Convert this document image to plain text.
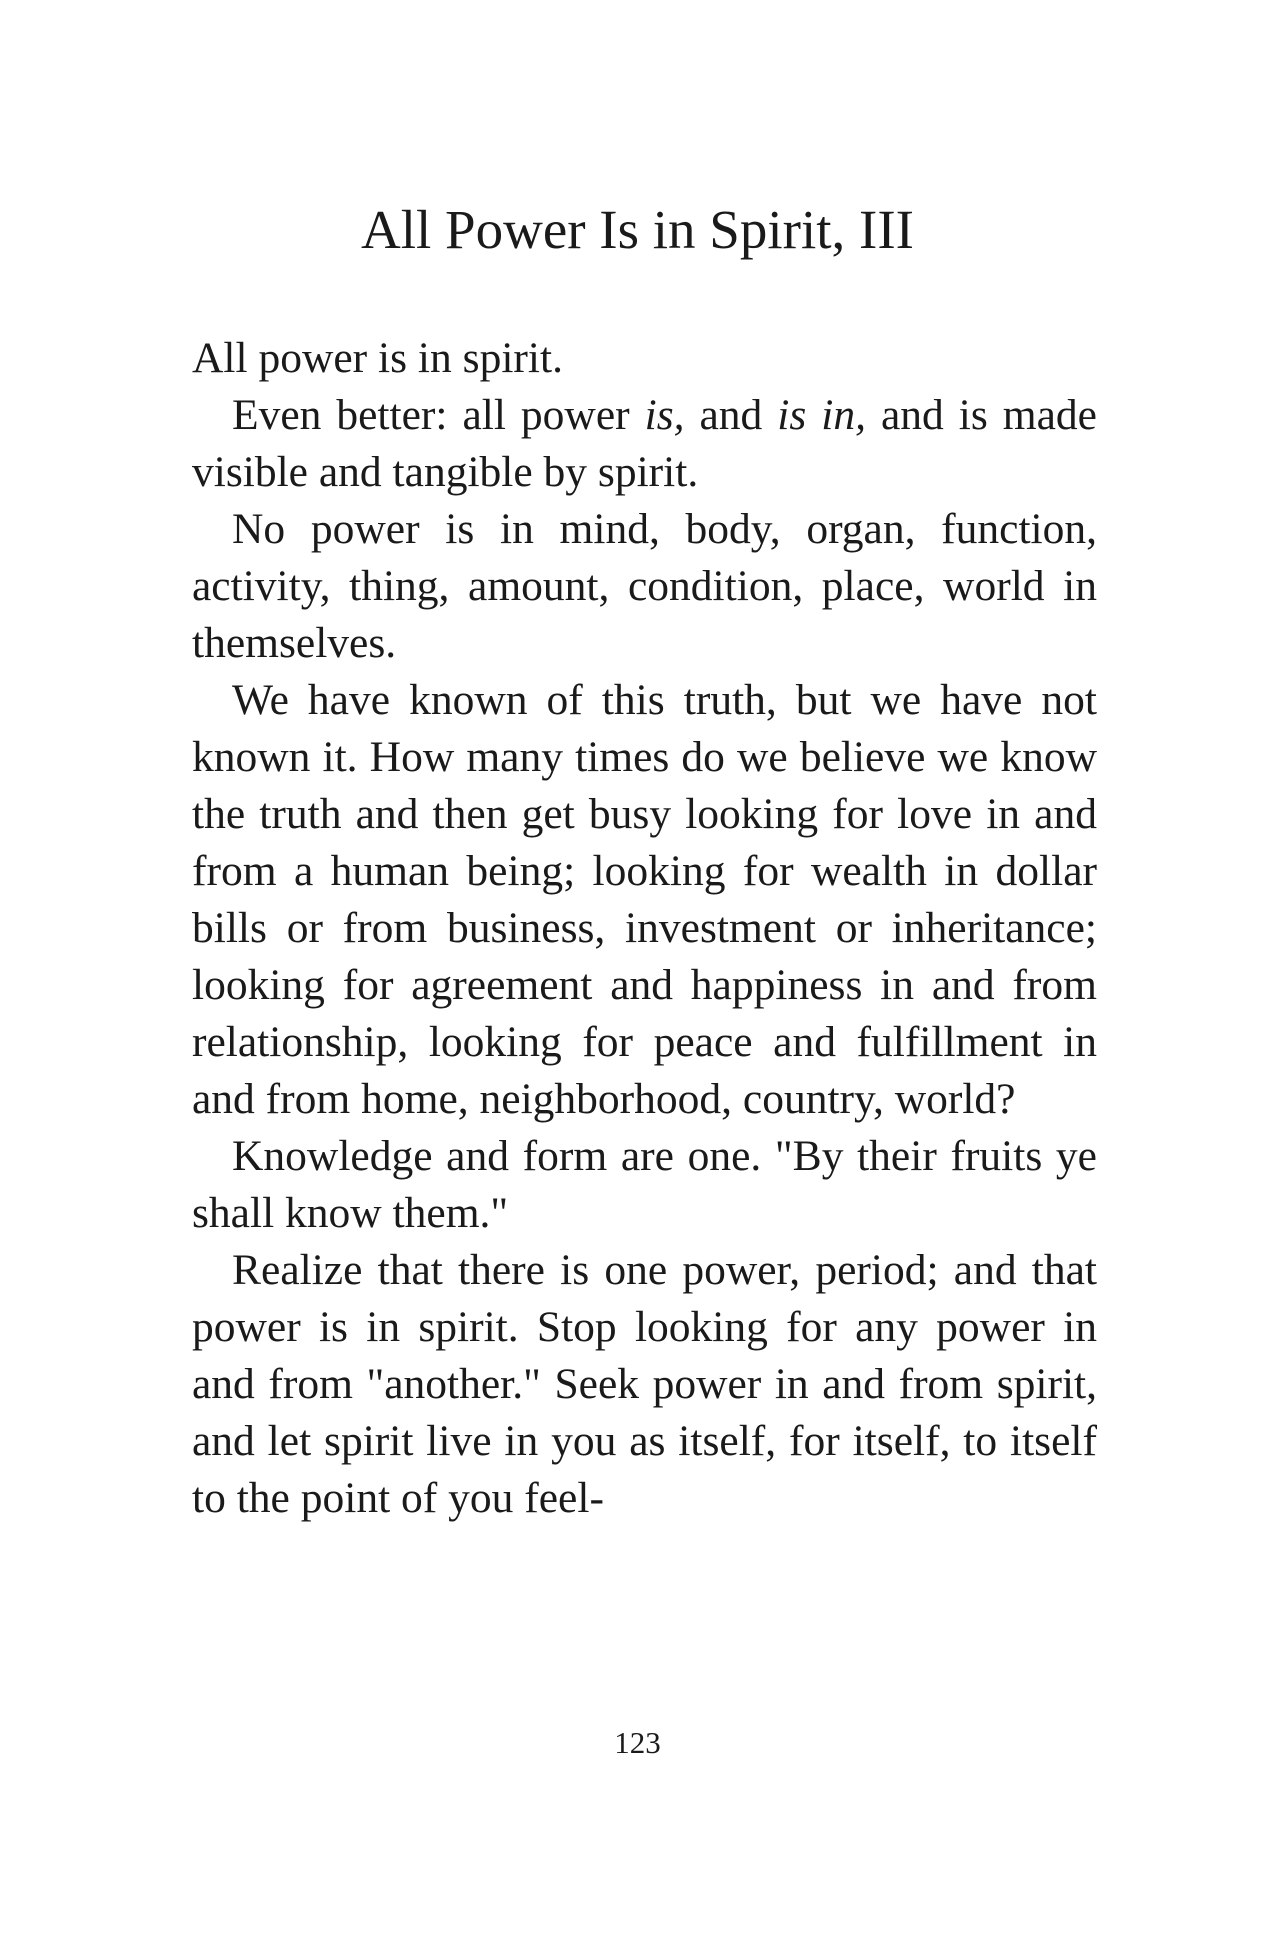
All Power Is in Spirit, III

All power is in spirit.

Even better: all power is, and is in, and is made visible and tangible by spirit.

No power is in mind, body, organ, function, activity, thing, amount, condition, place, world in themselves.

We have known of this truth, but we have not known it. How many times do we believe we know the truth and then get busy looking for love in and from a human being; looking for wealth in dollar bills or from business, investment or inheritance; looking for agreement and happiness in and from relationship, looking for peace and fulfillment in and from home, neighborhood, country, world?

Knowledge and form are one. "By their fruits ye shall know them."

Realize that there is one power, period; and that power is in spirit. Stop looking for any power in and from "another." Seek power in and from spirit, and let spirit live in you as itself, for itself, to itself to the point of you feel-

123
